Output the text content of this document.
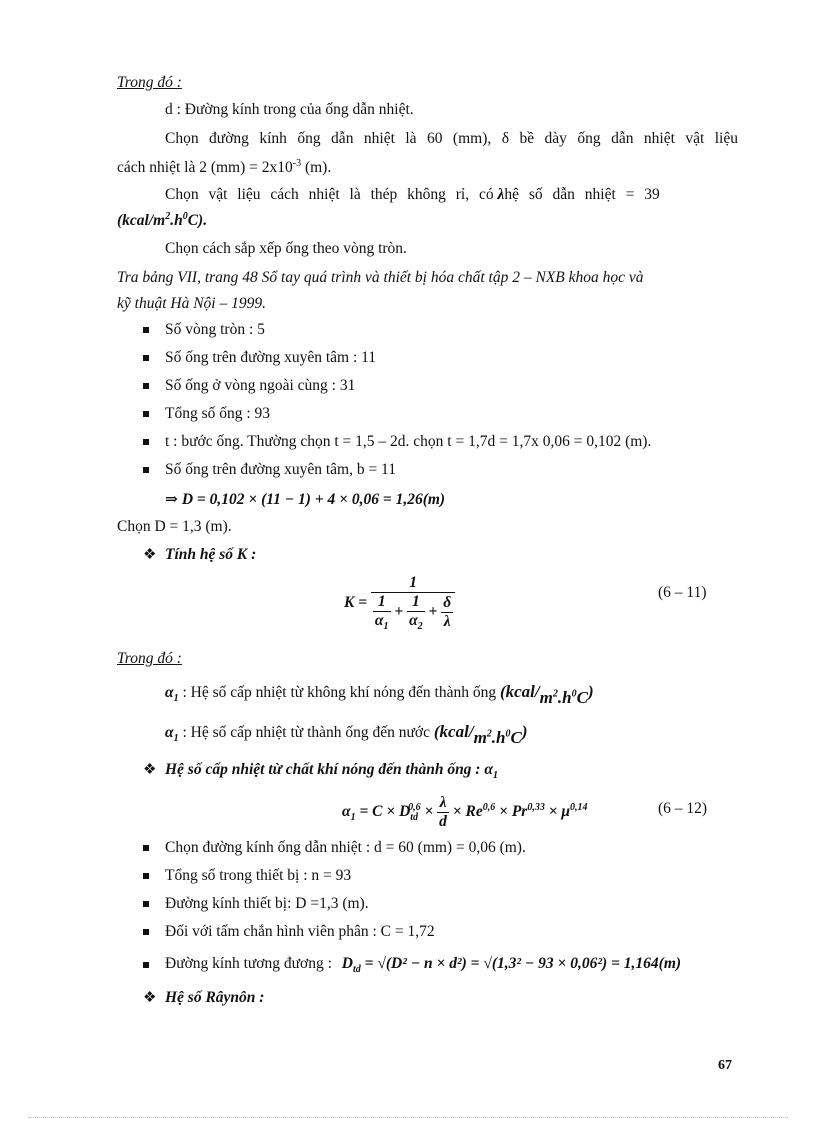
Trong đó :
d : Đường kính trong của ống dẫn nhiệt.
Chọn đường kính ống dẫn nhiệt là 60 (mm), δ bề dày ống dẫn nhiệt vật liệu
cách nhiệt là 2 $(mm) = 2x10^{-3}$ (m).
Chọn vật liệu cách nhiệt là thép không rỉ, có λhệ số dẫn nhiệt = 39
$(kcal/m^2.h^0C)$.
Chọn cách sắp xếp ống theo vòng tròn.
Tra bảng VII, trang 48 Sổ tay quá trình và thiết bị hóa chất tập 2 – NXB khoa học và
kỹ thuật Hà Nội – 1999.
Số vòng tròn : 5
Số ống trên đường xuyên tâm : 11
Số ống ở vòng ngoài cùng : 31
Tổng số ống : 93
t : bước ống. Thường chọn t = 1,5 – 2d. chọn t = 1,7d = 1,7x 0,06 = 0,102 (m).
Số ống trên đường xuyên tâm, b = 11
⇒ D = 0,102 × (11 − 1) + 4 × 0,06 = 1,26(m)
Chọn D = 1,3 (m).
❖ Tính hệ số K :
$K = \frac{1}{\frac{1}{\alpha_1} + \frac{1}{\alpha_2} + \frac{\delta}{\lambda}}$	(6 – 11)
Trong đó :
$\alpha_1$ : Hệ số cấp nhiệt từ không khí nóng đến thành ống $(kcal/m^2.h^0C)$
$\alpha_1$ : Hệ số cấp nhiệt từ thành ống đến nước $(kcal/m^2.h^0C)$
❖ Hệ số cấp nhiệt từ chất khí nóng đến thành ống : $\alpha_1$
$\alpha_1 = C \times D_{td}^{0,6} \times \frac{\lambda}{d} \times Re^{0,6} \times Pr^{0,33} \times \mu^{0,14}$	(6 – 12)
Chọn đường kính ống dẫn nhiệt : d = 60 (mm) = 0,06 (m).
Tổng số trong thiết bị : n = 93
Đường kính thiết bị: D =1,3 (m).
Đối với tấm chắn hình viên phân : C = 1,72
Đường kính tương đương : $D_{td} = √(D^2 - n \times d^2) = √(1,3^2 - 93 \times 0,06^2) = 1,164(m)$
❖ Hệ số Râynôn :
67
